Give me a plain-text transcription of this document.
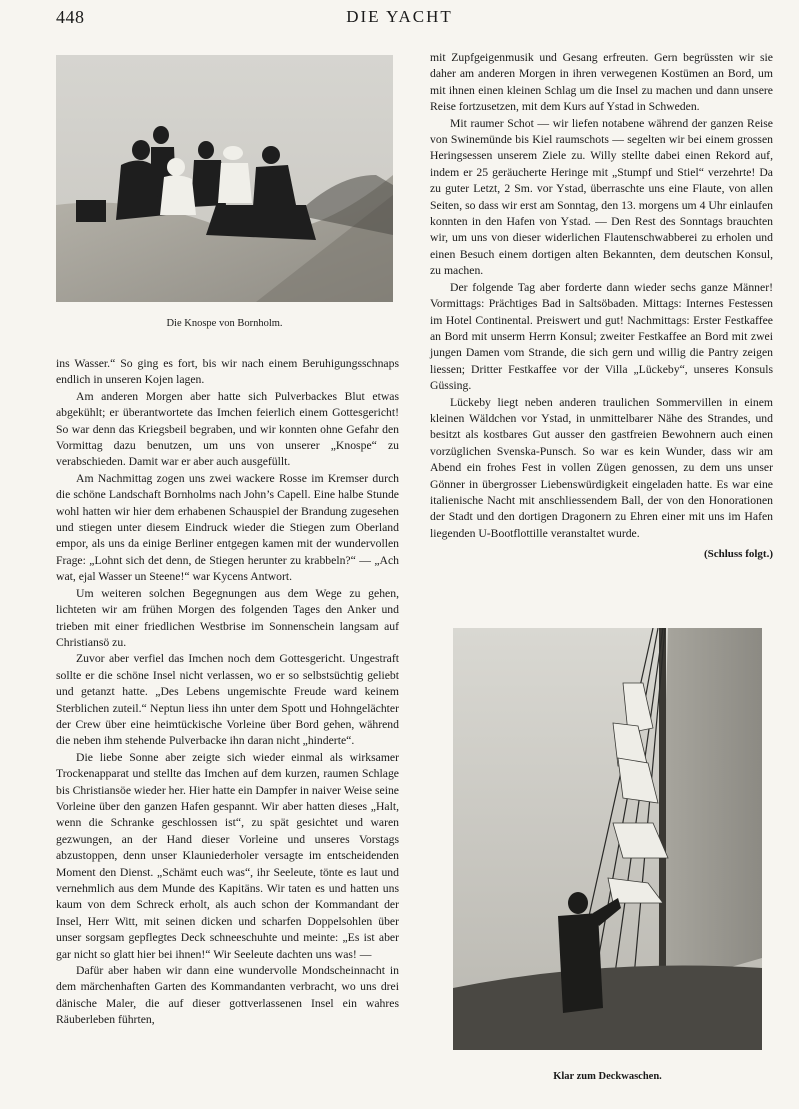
448	DIE YACHT
Die Knospe von Bornholm.

ins Wasser.“ So ging es fort, bis wir nach einem Beruhigungsschnaps endlich in unseren Kojen lagen.

Am anderen Morgen aber hatte sich Pulverbackes Blut etwas abgekühlt; er überantwortete das Imchen feierlich einem Gottesgericht! So war denn das Kriegsbeil begraben, und wir konnten ohne Gefahr den Vormittag dazu benutzen, um uns von unserer „Knospe“ zu verabschieden. Damit war er aber auch ausgefüllt.

Am Nachmittag zogen uns zwei wackere Rosse im Kremser durch die schöne Landschaft Bornholms nach John’s Capell. Eine halbe Stunde wohl hatten wir hier dem erhabenen Schauspiel der Brandung zugesehen und stiegen unter diesem Eindruck wieder die Stiegen zum Oberland empor, als uns da einige Berliner entgegen kamen mit der wundervollen Frage: „Lohnt sich det denn, de Stiegen herunter zu krabbeln?“ — „Ach wat, ejal Wasser un Steene!“ war Kycens Antwort.

Um weiteren solchen Begegnungen aus dem Wege zu gehen, lichteten wir am frühen Morgen des folgenden Tages den Anker und trieben mit einer friedlichen Westbrise im Sonnenschein langsam auf Christiansö zu.

Zuvor aber verfiel das Imchen noch dem Gottesgericht. Ungestraft sollte er die schöne Insel nicht verlassen, wo er so selbstsüchtig geliebt und getanzt hatte. „Des Lebens ungemischte Freude ward keinem Sterblichen zuteil.“ Neptun liess ihn unter dem Spott und Hohngelächter der Crew über eine heimtückische Vorleine über Bord gehen, während die neben ihm stehende Pulverbacke ihn daran nicht „hinderte“.

Die liebe Sonne aber zeigte sich wieder einmal als wirksamer Trockenapparat und stellte das Imchen auf dem kurzen, raumen Schlage bis Christiansöe wieder her. Hier hatte ein Dampfer in naiver Weise seine Vorleine über den ganzen Hafen gespannt. Wir aber hatten dieses „Halt, wenn die Schranke geschlossen ist“, zu spät gesichtet und waren gezwungen, an der Hand dieser Vorleine und unseres Vorstags abzustoppen, denn unser Klauniederholer versagte im entscheidenden Moment den Dienst. „Schämt euch was“, ihr Seeleute, tönte es laut und vernehmlich aus dem Munde des Kapitäns. Wir taten es und hatten uns kaum von dem Schreck erholt, als auch schon der Kommandant der Insel, Herr Witt, mit seinen dicken und scharfen Doppelsohlen über unser sorgsam gepflegtes Deck schneeschuhte und meinte: „Es ist aber gar nicht so glatt hier bei ihnen!“ Wir Seeleute dachten uns was! —

Dafür aber haben wir dann eine wundervolle Mondscheinnacht in dem märchenhaften Garten des Kommandanten verbracht, wo uns drei dänische Maler, die auf dieser gottverlassenen Insel ein wahres Räuberleben führten,

mit Zupfgeigenmusik und Gesang erfreuten. Gern begrüssten wir sie daher am anderen Morgen in ihren verwegenen Kostümen an Bord, um mit ihnen einen kleinen Schlag um die Insel zu machen und dann unsere Reise fortzusetzen, mit dem Kurs auf Ystad in Schweden.

Mit raumer Schot — wir liefen notabene während der ganzen Reise von Swinemünde bis Kiel raumschots — segelten wir bei einem grossen Heringsessen unserem Ziele zu. Willy stellte dabei einen Rekord auf, indem er 25 geräucherte Heringe mit „Stumpf und Stiel“ verzehrte! Da zu guter Letzt, 2 Sm. vor Ystad, überraschte uns eine Flaute, von allen Seiten, so dass wir erst am Sonntag, den 13. morgens um 4 Uhr einlaufen konnten in den Hafen von Ystad. — Den Rest des Sonntags brauchten wir, um uns von dieser widerlichen Flautenschwabberei zu erholen und einen Besuch einem dortigen alten Bekannten, dem deutschen Konsul, zu machen.

Der folgende Tag aber forderte dann wieder sechs ganze Männer! Vormittags: Prächtiges Bad in Saltsöbaden. Mittags: Internes Festessen im Hotel Continental. Preiswert und gut! Nachmittags: Erster Festkaffee an Bord mit unserm Herrn Konsul; zweiter Festkaffee an Bord mit zwei jungen Damen vom Strande, die sich gern und willig die Pantry zeigen liessen; Dritter Festkaffee vor der Villa „Lückeby“, unseres Konsuls Güssing.

Lückeby liegt neben anderen traulichen Sommervillen in einem kleinen Wäldchen vor Ystad, in unmittelbarer Nähe des Strandes, und besitzt als kostbares Gut ausser den gastfreien Bewohnern auch einen vorzüglichen Svenska-Punsch. So war es kein Wunder, dass wir am Abend ein frohes Fest in vollen Zügen genossen, zu dem uns unser Gönner in übergrosser Liebenswürdigkeit eingeladen hatte. Es war eine italienische Nacht mit anschliessendem Ball, der von den Honorationen der Stadt und den dortigen Dragonern zu Ehren einer mit uns im Hafen liegenden U-Bootflottille veranstaltet wurde.

(Schluss folgt.)

Klar zum Deckwaschen.
